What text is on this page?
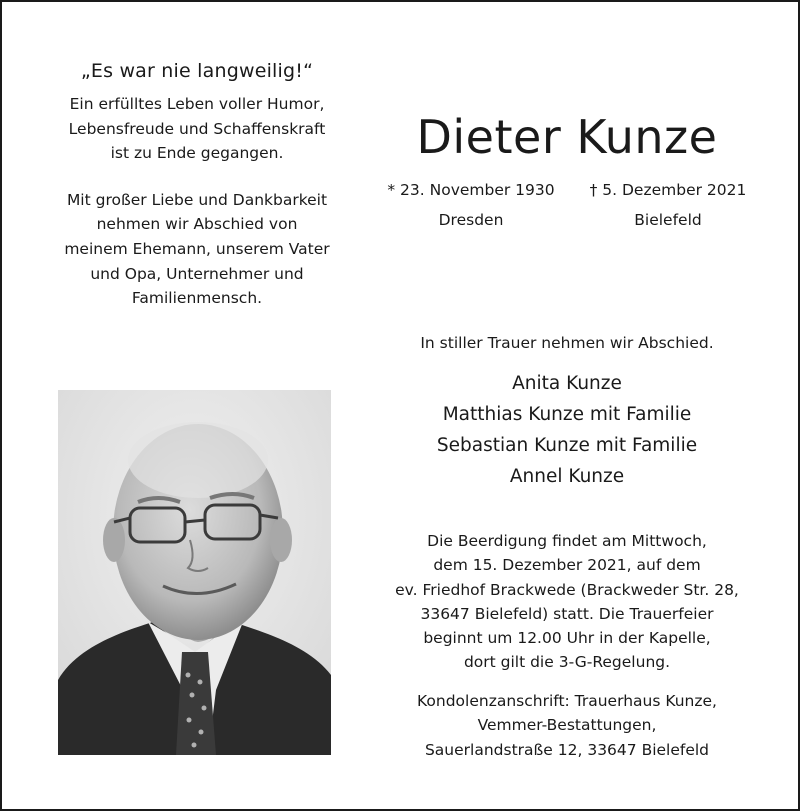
„Es war nie langweilig!“
Ein erfülltes Leben voller Humor,
Lebensfreude und Schaffenskraft
ist zu Ende gegangen.
Mit großer Liebe und Dankbarkeit
nehmen wir Abschied von
meinem Ehemann, unserem Vater
und Opa, Unternehmer und
Familienmensch.
Dieter Kunze
* 23. November 1930
Dresden
† 5. Dezember 2021
Bielefeld
In stiller Trauer nehmen wir Abschied.
Anita Kunze
Matthias Kunze mit Familie
Sebastian Kunze mit Familie
Annel Kunze
Die Beerdigung findet am Mittwoch,
dem 15. Dezember 2021, auf dem
ev. Friedhof Brackwede (Brackweder Str. 28,
33647 Bielefeld) statt. Die Trauerfeier
beginnt um 12.00 Uhr in der Kapelle,
dort gilt die 3-G-Regelung.
Kondolenzanschrift: Trauerhaus Kunze,
Vemmer-Bestattungen,
Sauerlandstraße 12, 33647 Bielefeld
